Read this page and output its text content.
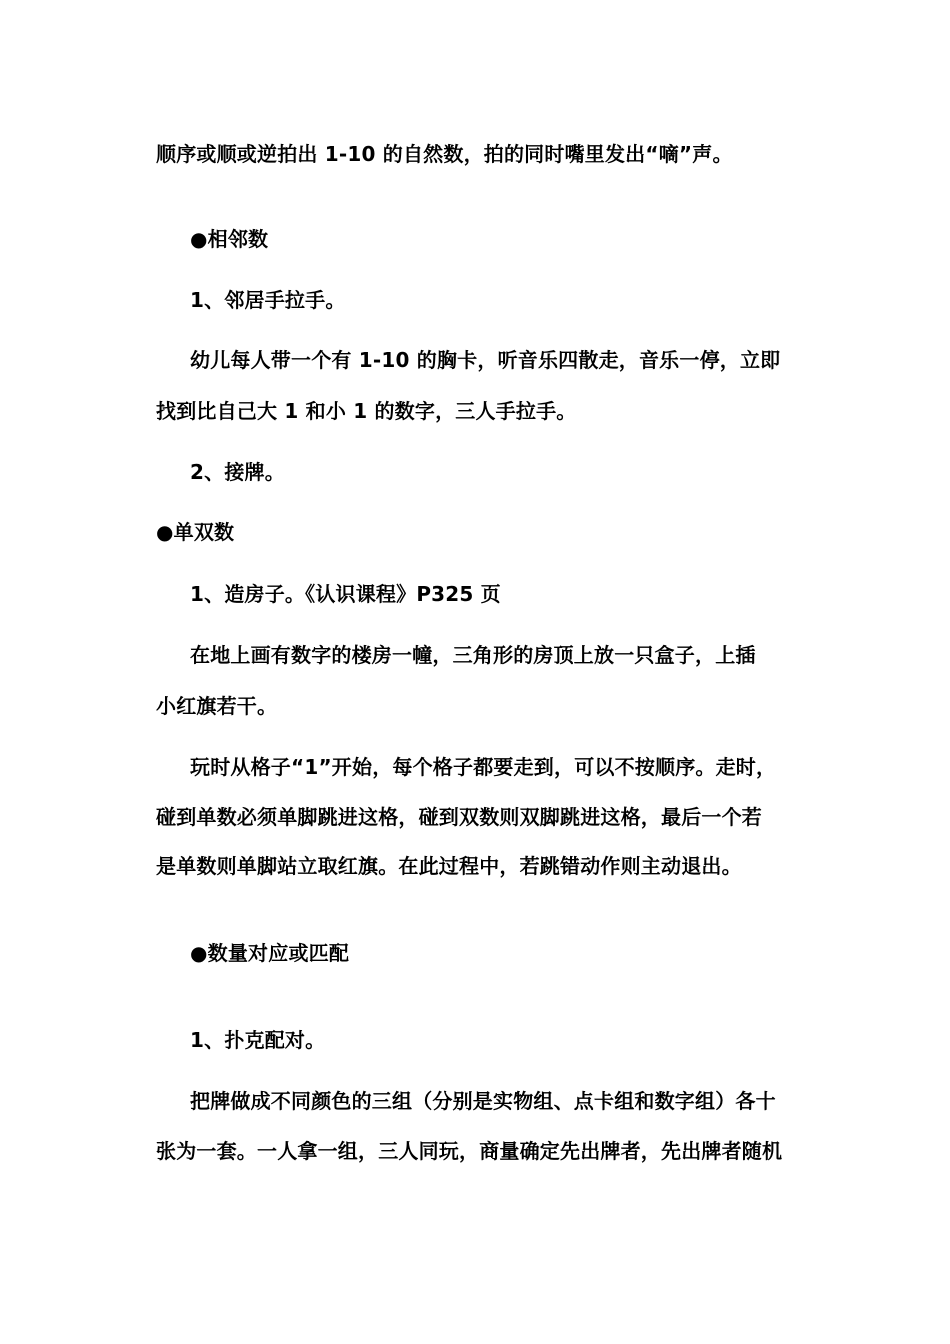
顺序或顺或逆拍出 1-10 的自然数，拍的同时嘴里发出“嘀”声。
●相邻数
1、邻居手拉手。
幼儿每人带一个有 1-10 的胸卡，听音乐四散走，音乐一停，立即
找到比自己大 1 和小 1 的数字，三人手拉手。
2、接牌。
●单双数
1、造房子。《认识课程》P325 页
在地上画有数字的楼房一幢，三角形的房顶上放一只盒子，上插
小红旗若干。
玩时从格子“1”开始，每个格子都要走到，可以不按顺序。走时，
碰到单数必须单脚跳进这格，碰到双数则双脚跳进这格，最后一个若
是单数则单脚站立取红旗。在此过程中，若跳错动作则主动退出。
●数量对应或匹配
1、扑克配对。
把牌做成不同颜色的三组（分别是实物组、点卡组和数字组）各十
张为一套。一人拿一组，三人同玩，商量确定先出牌者，先出牌者随机
